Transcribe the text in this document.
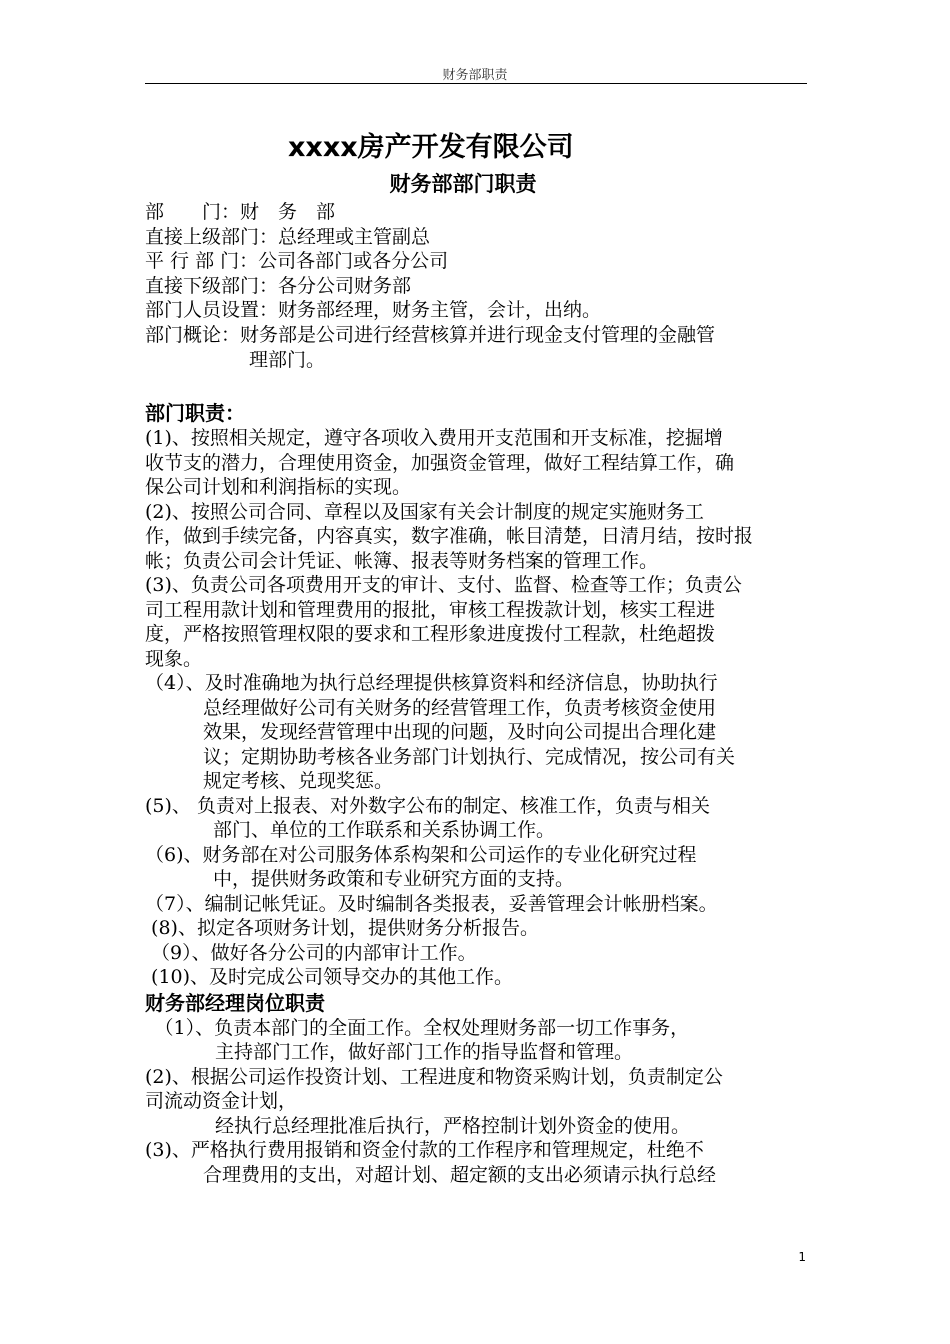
财务部职责
xxxx房产开发有限公司
财务部部门职责
部　　门：财　务　部
直接上级部门：总经理或主管副总
平 行 部 门：公司各部门或各分公司
直接下级部门：各分公司财务部
部门人员设置：财务部经理，财务主管，会计，出纳。
部门概论：财务部是公司进行经营核算并进行现金支付管理的金融管
理部门。
部门职责：
(1)、按照相关规定，遵守各项收入费用开支范围和开支标准，挖掘增
收节支的潜力，合理使用资金，加强资金管理，做好工程结算工作，确
保公司计划和利润指标的实现。
(2)、按照公司合同、章程以及国家有关会计制度的规定实施财务工
作，做到手续完备，内容真实，数字准确，帐目清楚，日清月结，按时报
帐；负责公司会计凭证、帐簿、报表等财务档案的管理工作。
(3)、负责公司各项费用开支的审计、支付、监督、检查等工作；负责公
司工程用款计划和管理费用的报批，审核工程拨款计划，核实工程进
度，严格按照管理权限的要求和工程形象进度拨付工程款，杜绝超拨
现象。
（4）、及时准确地为执行总经理提供核算资料和经济信息，协助执行
总经理做好公司有关财务的经营管理工作，负责考核资金使用
效果，发现经营管理中出现的问题，及时向公司提出合理化建
议；定期协助考核各业务部门计划执行、完成情况，按公司有关
规定考核、兑现奖惩。
(5)、 负责对上报表、对外数字公布的制定、核准工作，负责与相关
部门、单位的工作联系和关系协调工作。
（6)、财务部在对公司服务体系构架和公司运作的专业化研究过程
中，提供财务政策和专业研究方面的支持。
（7）、编制记帐凭证。及时编制各类报表，妥善管理会计帐册档案。
(8)、拟定各项财务计划，提供财务分析报告。
（9）、做好各分公司的内部审计工作。
(10)、及时完成公司领导交办的其他工作。
财务部经理岗位职责
　（1）、负责本部门的全面工作。全权处理财务部一切工作事务，
主持部门工作，做好部门工作的指导监督和管理。
(2)、根据公司运作投资计划、工程进度和物资采购计划，负责制定公
司流动资金计划，
经执行总经理批准后执行，严格控制计划外资金的使用。
(3)、严格执行费用报销和资金付款的工作程序和管理规定，杜绝不
合理费用的支出，对超计划、超定额的支出必须请示执行总经
1
